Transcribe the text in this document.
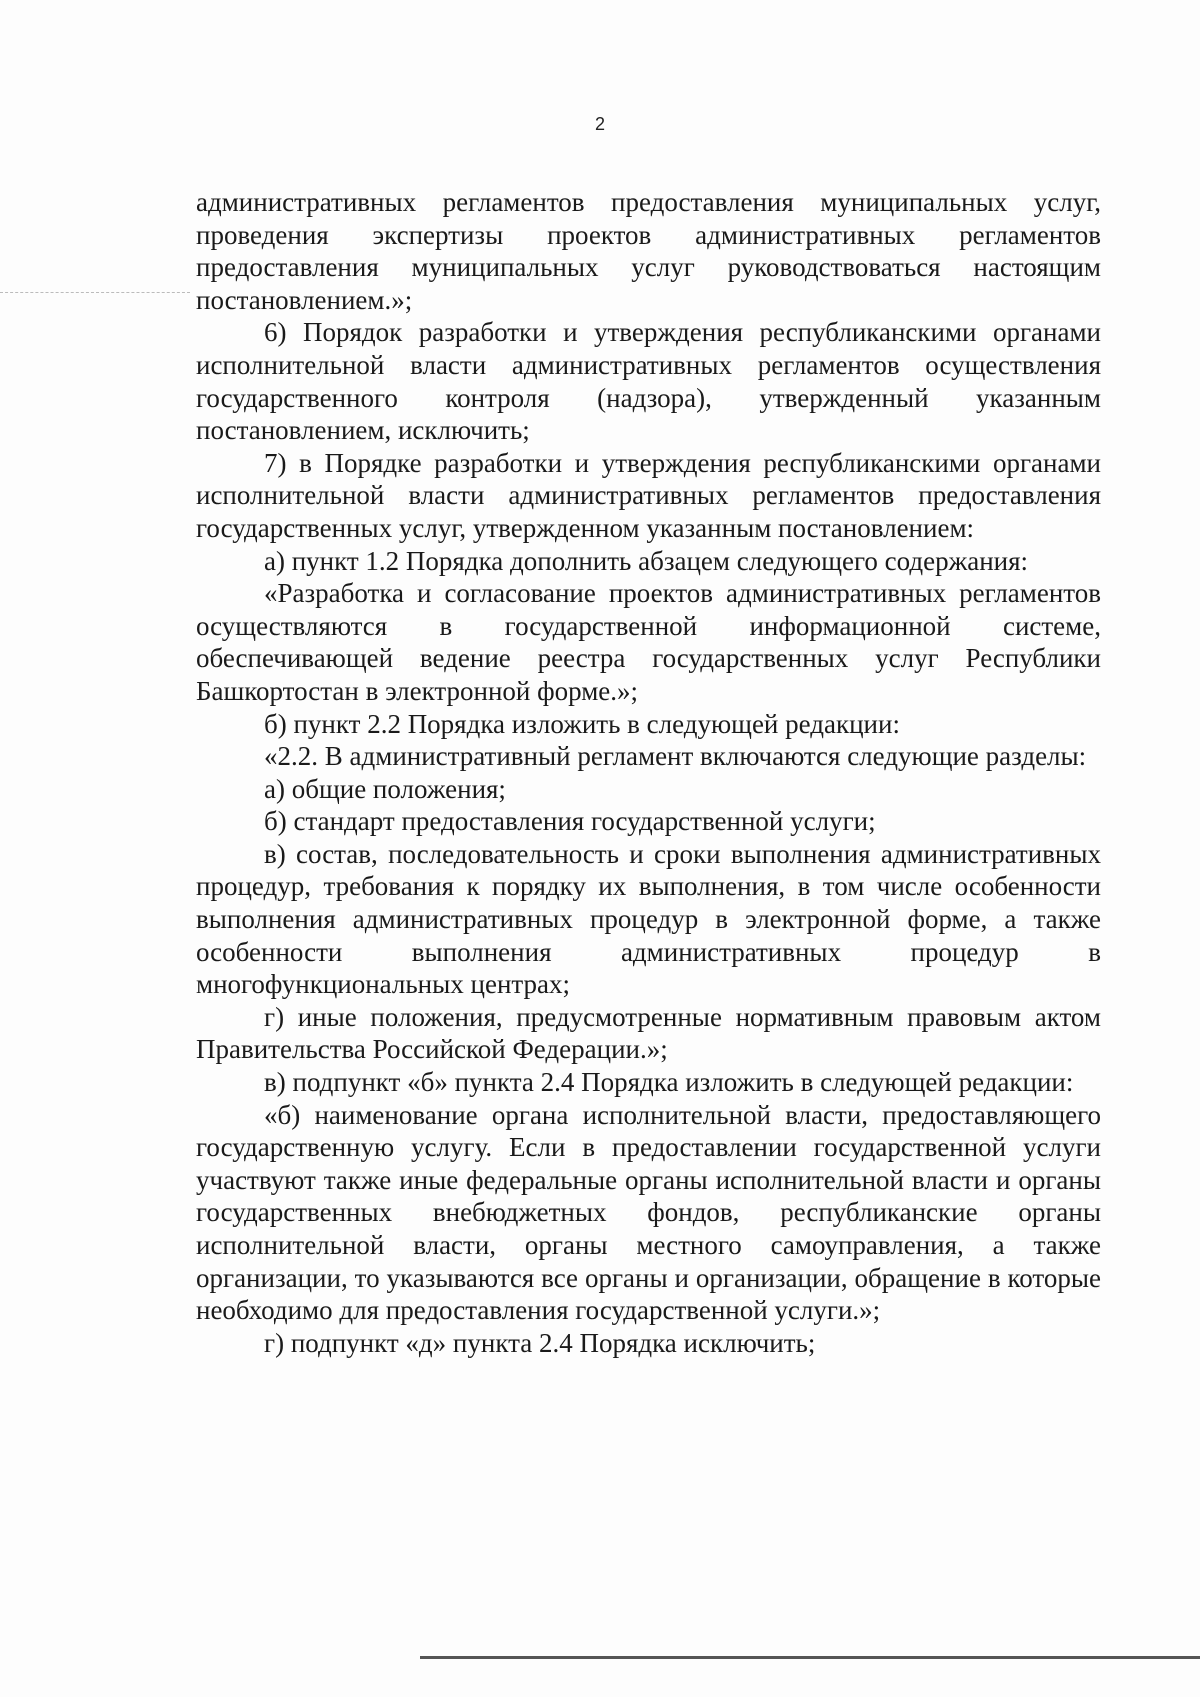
2

административных регламентов предоставления муниципальных услуг, проведения экспертизы проектов административных регламентов предоставления муниципальных услуг руководствоваться настоящим постановлением.»;

6) Порядок разработки и утверждения республиканскими органами исполнительной власти административных регламентов осуществления государственного контроля (надзора), утвержденный указанным постановлением, исключить;

7) в Порядке разработки и утверждения республиканскими органами исполнительной власти административных регламентов предоставления государственных услуг, утвержденном указанным постановлением:

а) пункт 1.2 Порядка дополнить абзацем следующего содержания:

«Разработка и согласование проектов административных регламентов осуществляются в государственной информационной системе, обеспечивающей ведение реестра государственных услуг Республики Башкортостан в электронной форме.»;

б) пункт 2.2 Порядка изложить в следующей редакции:

«2.2. В административный регламент включаются следующие разделы:

а) общие положения;

б) стандарт предоставления государственной услуги;

в) состав, последовательность и сроки выполнения административных процедур, требования к порядку их выполнения, в том числе особенности выполнения административных процедур в электронной форме, а также особенности выполнения административных процедур в многофункциональных центрах;

г) иные положения, предусмотренные нормативным правовым актом Правительства Российской Федерации.»;

в) подпункт «б» пункта 2.4 Порядка изложить в следующей редакции:

«б) наименование органа исполнительной власти, предоставляющего государственную услугу. Если в предоставлении государственной услуги участвуют также иные федеральные органы исполнительной власти и органы государственных внебюджетных фондов, республиканские органы исполнительной власти, органы местного самоуправления, а также организации, то указываются все органы и организации, обращение в которые необходимо для предоставления государственной услуги.»;

г) подпункт «д» пункта 2.4 Порядка исключить;
